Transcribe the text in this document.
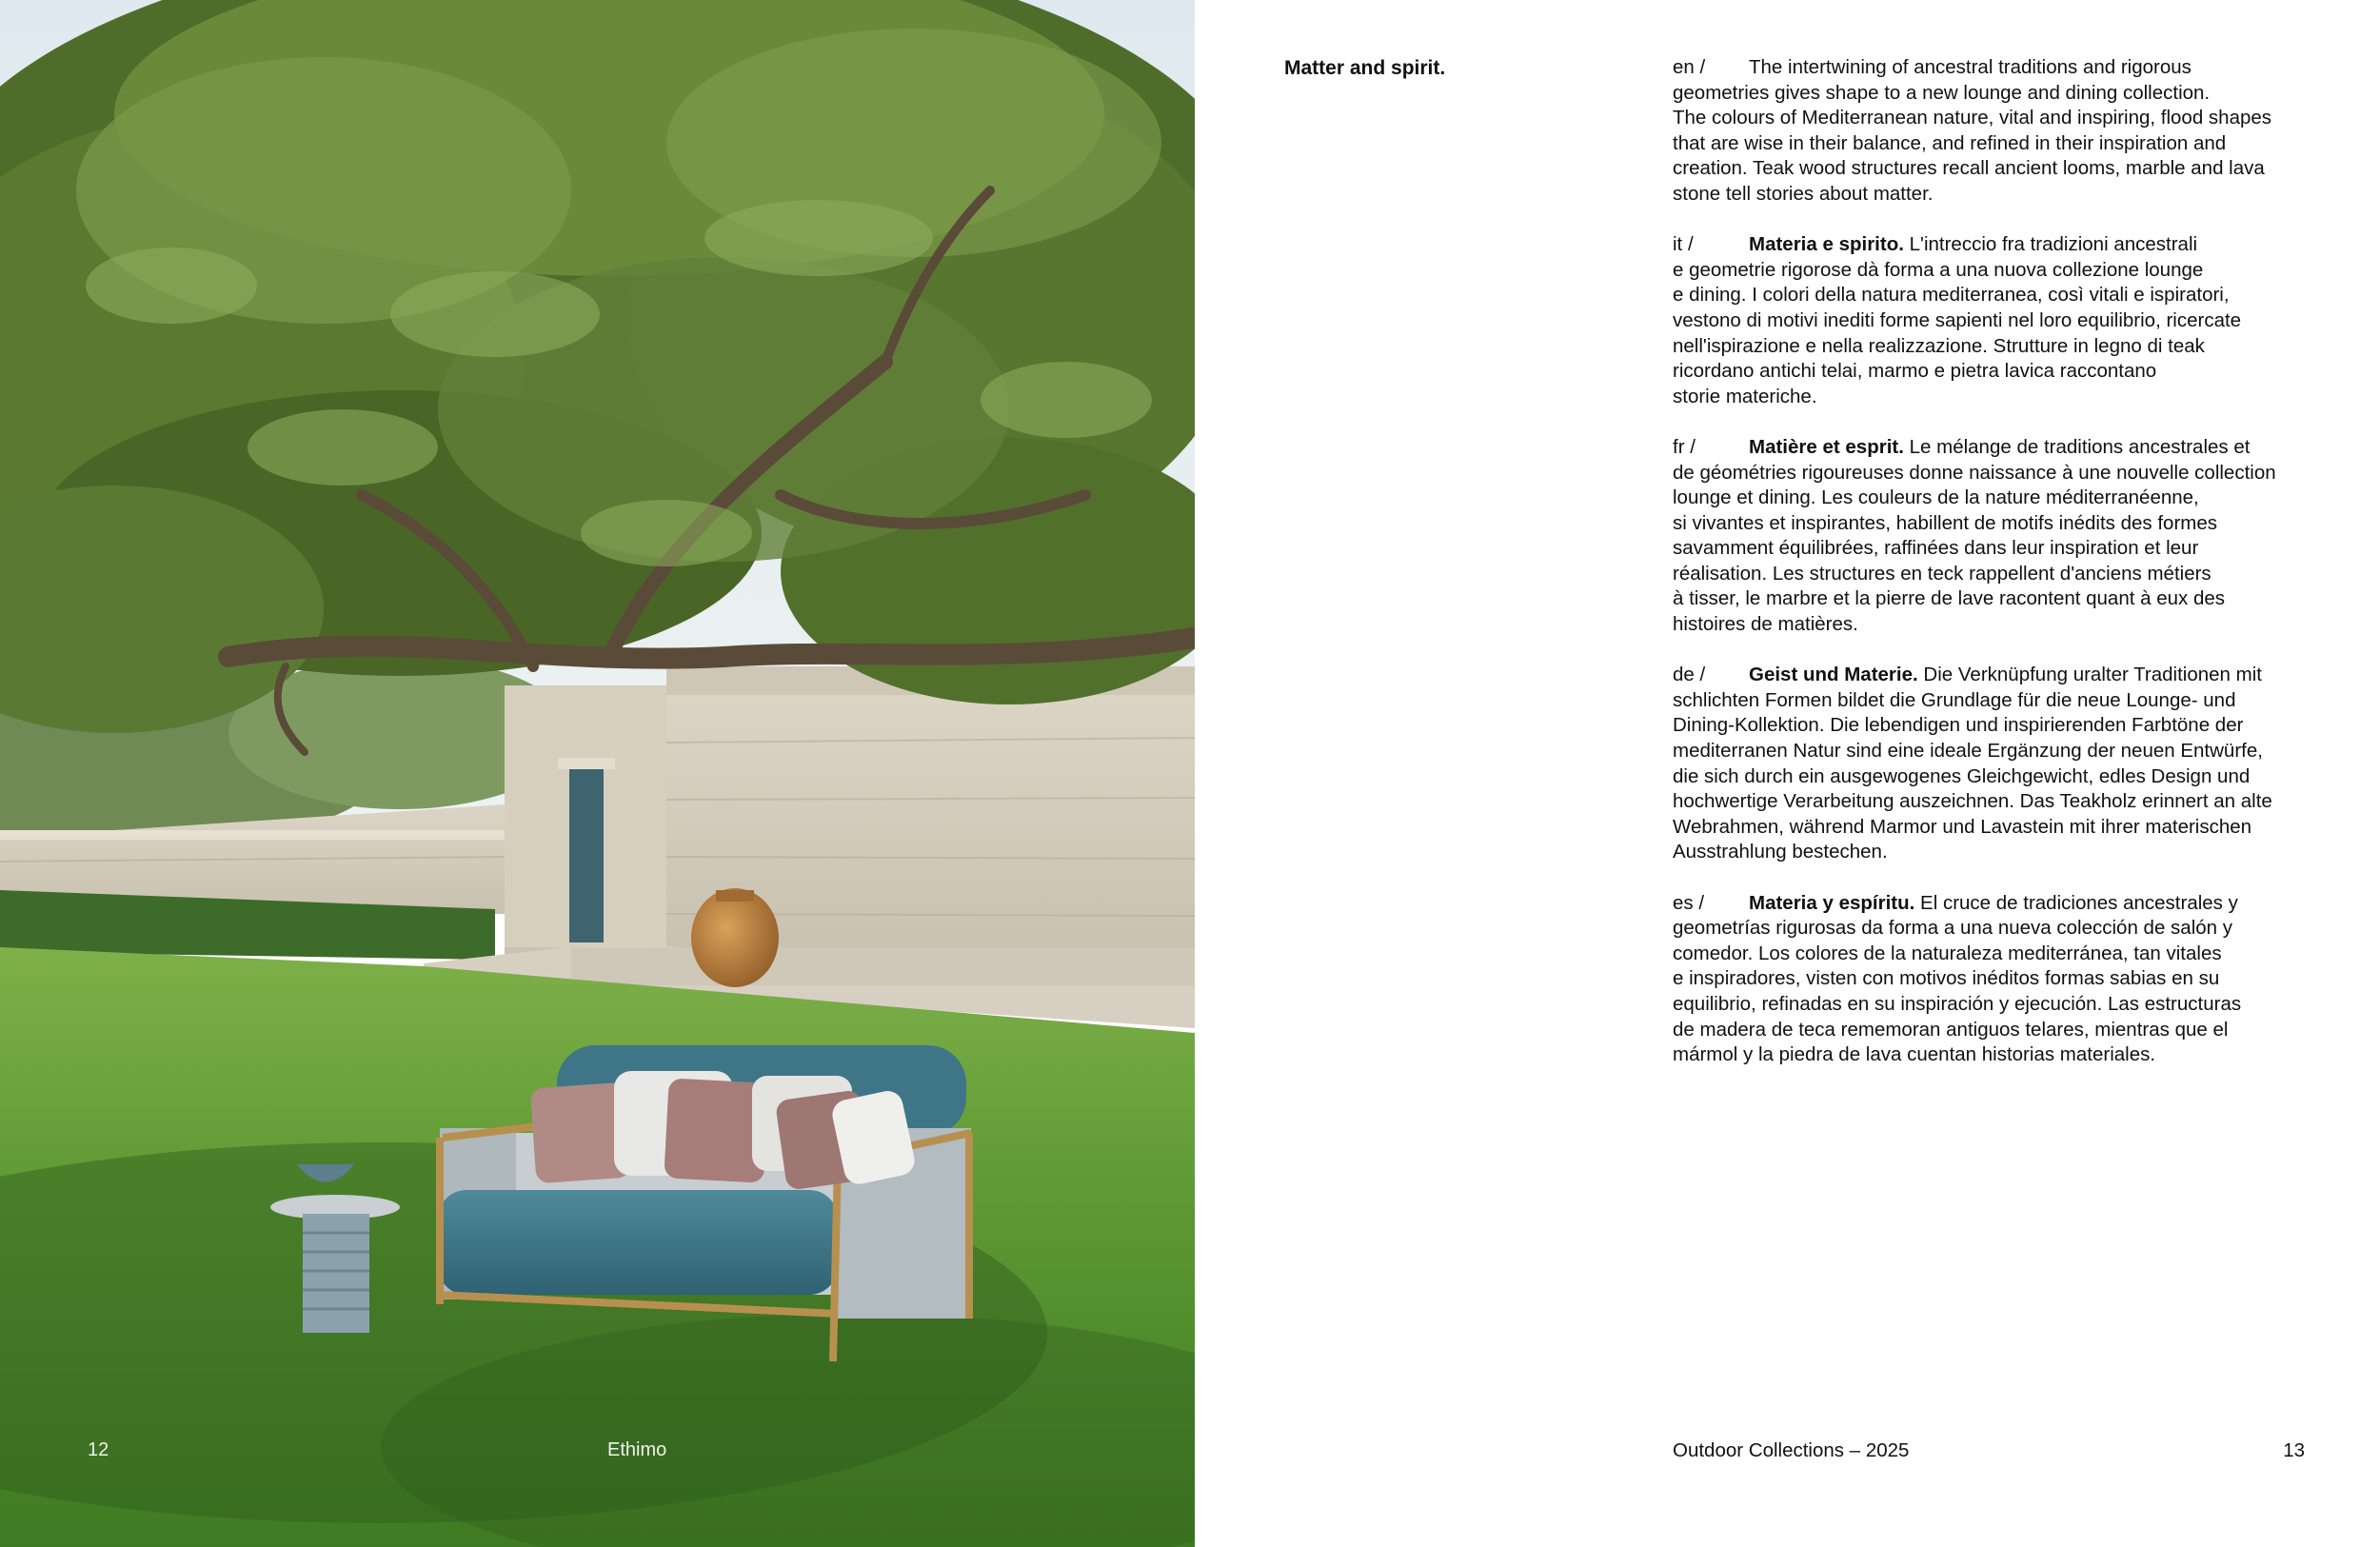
12	Ethimo
Matter and spirit.	en / The intertwining of ancestral traditions and rigorous
geometries gives shape to a new lounge and dining collection.
The colours of Mediterranean nature, vital and inspiring, flood shapes
that are wise in their balance, and refined in their inspiration and
creation. Teak wood structures recall ancient looms, marble and lava
stone tell stories about matter.
it /	Materia e spirito. L'intreccio fra tradizioni ancestrali
e geometrie rigorose dà forma a una nuova collezione lounge
e dining. I colori della natura mediterranea, così vitali e ispiratori,
vestono di motivi inediti forme sapienti nel loro equilibrio, ricercate
nell'ispirazione e nella realizzazione. Strutture in legno di teak
ricordano antichi telai, marmo e pietra lavica raccontano
storie materiche.
fr /	Matière et esprit. Le mélange de traditions ancestrales et
de géométries rigoureuses donne naissance à une nouvelle collection
lounge et dining. Les couleurs de la nature méditerranéenne,
si vivantes et inspirantes, habillent de motifs inédits des formes
savamment équilibrées, raffinées dans leur inspiration et leur
réalisation. Les structures en teck rappellent d'anciens métiers
à tisser, le marbre et la pierre de lave racontent quant à eux des
histoires de matières.
de / Geist und Materie. Die Verknüpfung uralter Traditionen mit
schlichten Formen bildet die Grundlage für die neue Lounge- und
Dining-Kollektion. Die lebendigen und inspirierenden Farbtöne der
mediterranen Natur sind eine ideale Ergänzung der neuen Entwürfe,
die sich durch ein ausgewogenes Gleichgewicht, edles Design und
hochwertige Verarbeitung auszeichnen. Das Teakholz erinnert an alte
Webrahmen, während Marmor und Lavastein mit ihrer materischen
Ausstrahlung bestechen.
es / Materia y espíritu. El cruce de tradiciones ancestrales y
geometrías rigurosas da forma a una nueva colección de salón y
comedor. Los colores de la naturaleza mediterránea, tan vitales
e inspiradores, visten con motivos inéditos formas sabias en su
equilibrio, refinadas en su inspiración y ejecución. Las estructuras
de madera de teca rememoran antiguos telares, mientras que el
mármol y la piedra de lava cuentan historias materiales.
Outdoor Collections – 2025	13
